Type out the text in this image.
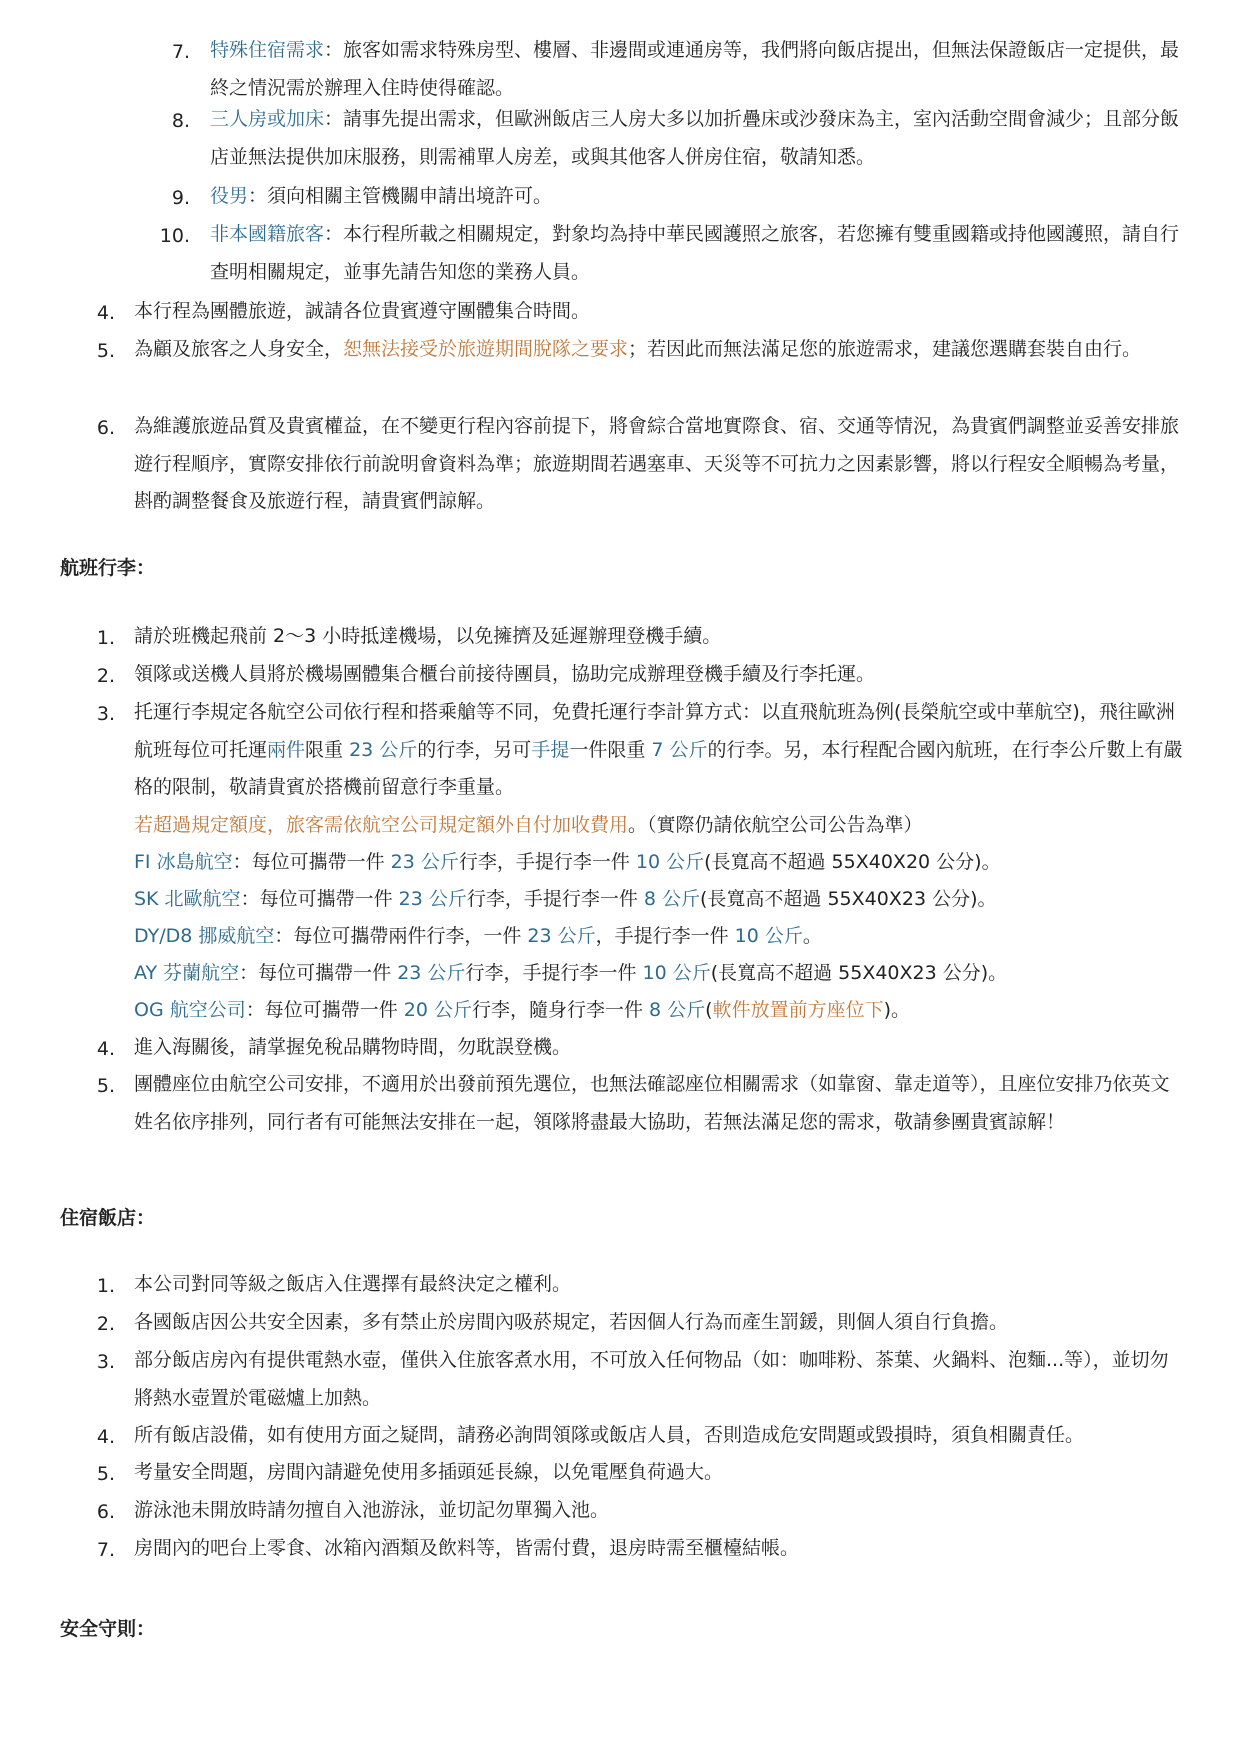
7. 特殊住宿需求：旅客如需求特殊房型、樓層、非邊間或連通房等，我們將向飯店提出，但無法保證飯店一定提供，最終之情況需於辦理入住時使得確認。
8. 三人房或加床：請事先提出需求，但歐洲飯店三人房大多以加折疊床或沙發床為主，室內活動空間會減少；且部分飯店並無法提供加床服務，則需補單人房差，或與其他客人併房住宿，敬請知悉。
9. 役男：須向相關主管機關申請出境許可。
10. 非本國籍旅客：本行程所載之相關規定，對象均為持中華民國護照之旅客，若您擁有雙重國籍或持他國護照，請自行查明相關規定，並事先請告知您的業務人員。
4. 本行程為團體旅遊，誠請各位貴賓遵守團體集合時間。
5. 為顧及旅客之人身安全，恕無法接受於旅遊期間脫隊之要求；若因此而無法滿足您的旅遊需求，建議您選購套裝自由行。
6. 為維護旅遊品質及貴賓權益，在不變更行程內容前提下，將會綜合當地實際食、宿、交通等情況，為貴賓們調整並妥善安排旅遊行程順序，實際安排依行前說明會資料為準；旅遊期間若遇塞車、天災等不可抗力之因素影響，將以行程安全順暢為考量，斟酌調整餐食及旅遊行程，請貴賓們諒解。
航班行李：
1. 請於班機起飛前 2～3 小時抵達機場，以免擁擠及延遲辦理登機手續。
2. 領隊或送機人員將於機場團體集合櫃台前接待團員，協助完成辦理登機手續及行李托運。
3. 托運行李規定各航空公司依行程和搭乘艙等不同，免費托運行李計算方式：以直飛航班為例(長榮航空或中華航空)，飛往歐洲航班每位可托運兩件限重 23 公斤的行李，另可手提一件限重 7 公斤的行李。另，本行程配合國內航班，在行李公斤數上有嚴格的限制，敬請貴賓於搭機前留意行李重量。
若超過規定額度，旅客需依航空公司規定額外自付加收費用。（實際仍請依航空公司公告為準）
FI 冰島航空：每位可攜帶一件 23 公斤行李，手提行李一件 10 公斤(長寬高不超過 55X40X20 公分)。
SK 北歐航空：每位可攜帶一件 23 公斤行李，手提行李一件 8 公斤(長寬高不超過 55X40X23 公分)。
DY/D8 挪威航空：每位可攜帶兩件行李，一件 23 公斤，手提行李一件 10 公斤。
AY 芬蘭航空：每位可攜帶一件 23 公斤行李，手提行李一件 10 公斤(長寬高不超過 55X40X23 公分)。
OG 航空公司：每位可攜帶一件 20 公斤行李，隨身行李一件 8 公斤(軟件放置前方座位下)。
4. 進入海關後，請掌握免稅品購物時間，勿耽誤登機。
5. 團體座位由航空公司安排，不適用於出發前預先選位，也無法確認座位相關需求（如靠窗、靠走道等），且座位安排乃依英文姓名依序排列，同行者有可能無法安排在一起，領隊將盡最大協助，若無法滿足您的需求，敬請參團貴賓諒解！
住宿飯店：
1. 本公司對同等級之飯店入住選擇有最終決定之權利。
2. 各國飯店因公共安全因素，多有禁止於房間內吸菸規定，若因個人行為而產生罰鍰，則個人須自行負擔。
3. 部分飯店房內有提供電熱水壺，僅供入住旅客煮水用，不可放入任何物品（如：咖啡粉、茶葉、火鍋料、泡麵...等），並切勿將熱水壺置於電磁爐上加熱。
4. 所有飯店設備，如有使用方面之疑問，請務必詢問領隊或飯店人員，否則造成危安問題或毀損時，須負相關責任。
5. 考量安全問題，房間內請避免使用多插頭延長線，以免電壓負荷過大。
6. 游泳池未開放時請勿擅自入池游泳，並切記勿單獨入池。
7. 房間內的吧台上零食、冰箱內酒類及飲料等，皆需付費，退房時需至櫃檯結帳。
安全守則：
